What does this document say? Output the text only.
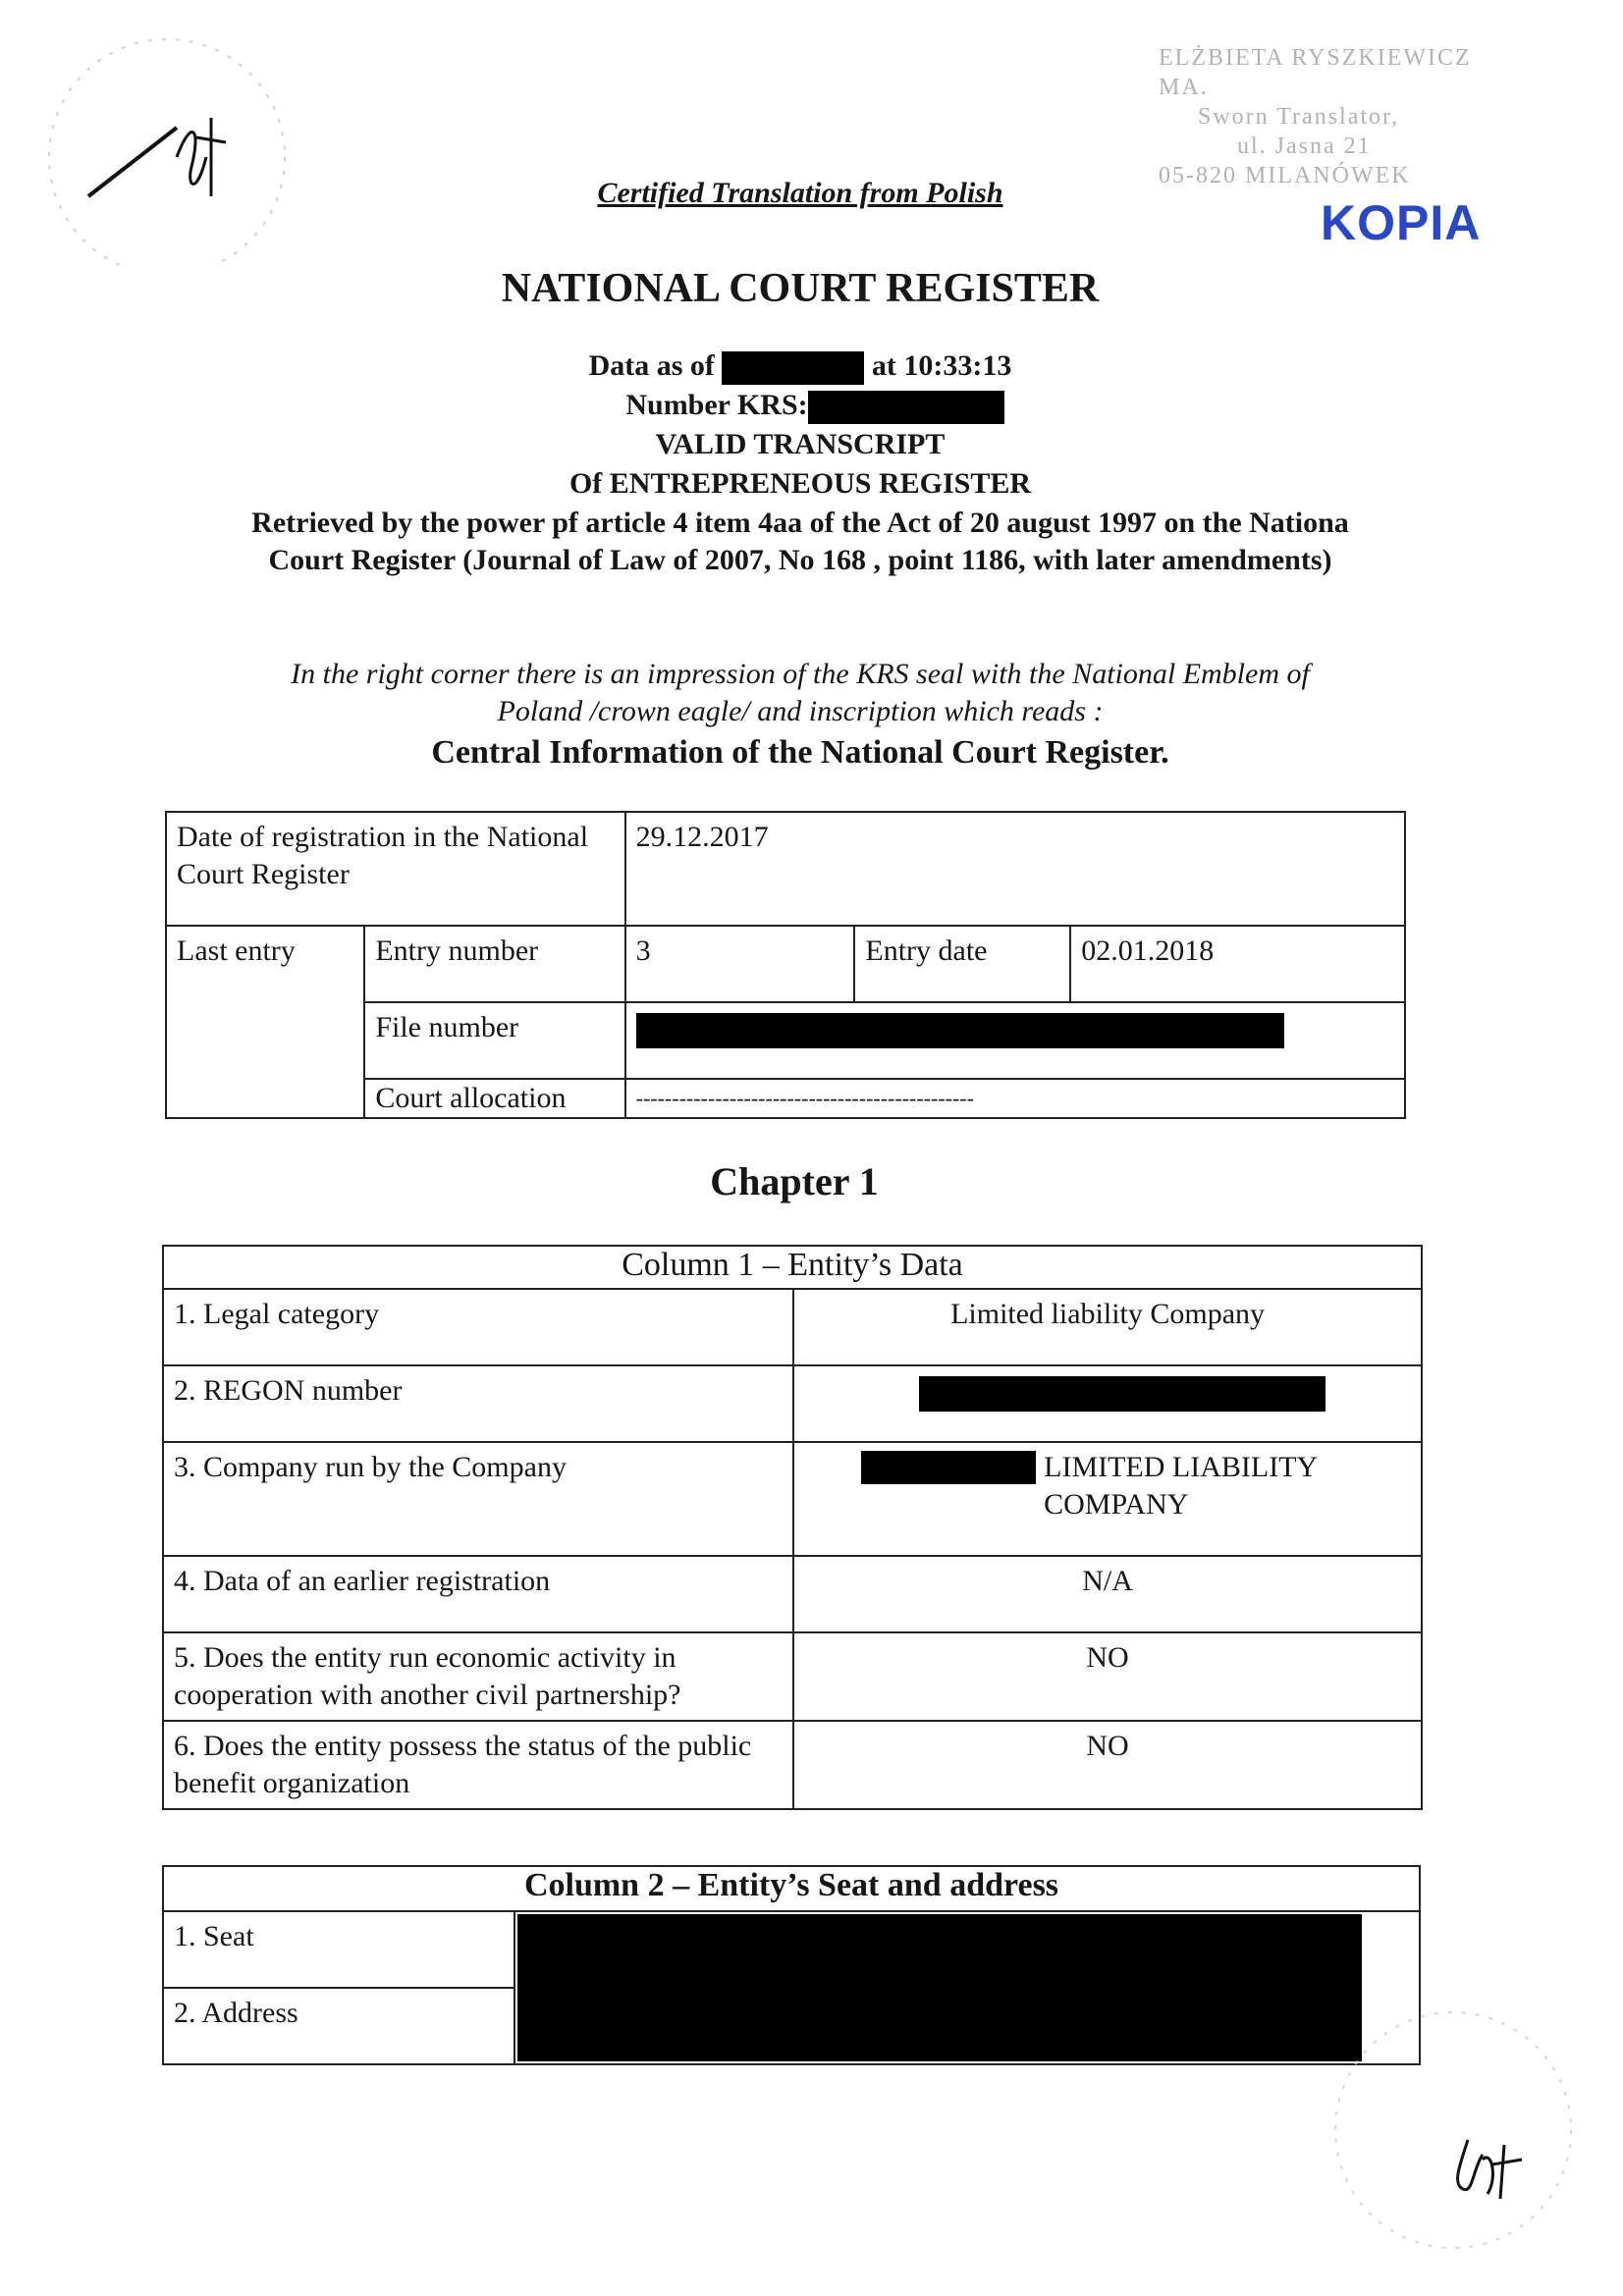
ELŻBIETA RYSZKIEWICZ MA.
Sworn Translator,
ul. Jasna 21
05-820 MILANÓWEK
Certified Translation from Polish
KOPIA
NATIONAL COURT REGISTER
Data as of	at 10:33:13
Number KRS:
VALID TRANSCRIPT
Of ENTREPRENEOUS REGISTER
Retrieved by the power pf article 4 item 4aa of the Act of 20 august 1997 on the Nationa
Court Register (Journal of Law of 2007, No 168 , point 1186, with later amendments)
In the right corner there is an impression of the KRS seal with the National Emblem of
Poland /crown eagle/ and inscription which reads :
Central Information of the National Court Register.
Date of registration in the National Court Register		29.12.2017		
Last entry	Entry number	3	Entry date	02.01.2018
	File number			
	Court allocation	-----------------------------------------------		
Chapter 1
Column 1 – Entity’s Data	
1. Legal category	Limited liability Company
2. REGON number	
3. Company run by the Company	LIMITED LIABILITY COMPANY

4. Data of an earlier registration	N/A
5. Does the entity run economic activity in cooperation with another civil partnership?	NO
6. Does the entity possess the status of the public benefit organization	NO
Column 2 – Entity’s Seat and address
1. Seat	

2. Address
